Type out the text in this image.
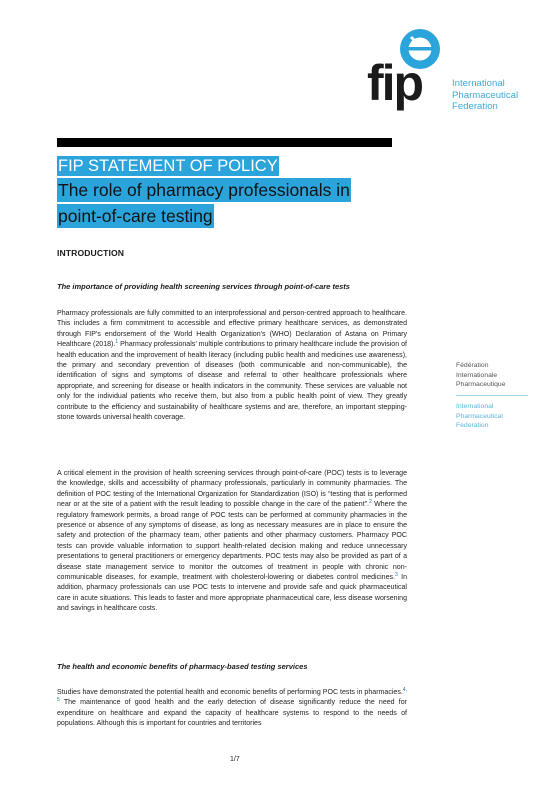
fip	International
Pharmaceutical
Federation
FIP STATEMENT OF POLICY
The role of pharmacy professionals in
point-of-care testing
INTRODUCTION
The importance of providing health screening services through point-of-care tests
Pharmacy professionals are fully committed to an interprofessional and person-centred approach to healthcare. This includes a firm commitment to accessible and effective primary healthcare services, as demonstrated through FIP’s endorsement of the World Health Organization’s (WHO) Declaration of Astana on Primary Healthcare (2018).$^1$ Pharmacy professionals’ multiple contributions to primary healthcare include the provision of health education and the improvement of health literacy (including public health and medicines use awareness), the primary and secondary prevention of diseases (both communicable and non-communicable), the identification of signs and symptoms of disease and referral to other healthcare professionals where appropriate, and screening for disease or health indicators in the community. These services are valuable not only for the individual patients who receive them, but also from a public health point of view. They greatly contribute to the efficiency and sustainability of healthcare systems and are, therefore, an important stepping-stone towards universal health coverage.
A critical element in the provision of health screening services through point-of-care (POC) tests is to leverage the knowledge, skills and accessibility of pharmacy professionals, particularly in community pharmacies. The definition of POC testing of the International Organization for Standardization (ISO) is “testing that is performed near or at the site of a patient with the result leading to possible change in the care of the patient”.$^2$ Where the regulatory framework permits, a broad range of POC tests can be performed at community pharmacies in the presence or absence of any symptoms of disease, as long as necessary measures are in place to ensure the safety and protection of the pharmacy team, other patients and other pharmacy customers. Pharmacy POC tests can provide valuable information to support health-related decision making and reduce unnecessary presentations to general practitioners or emergency departments. POC tests may also be provided as part of a disease state management service to monitor the outcomes of treatment in people with chronic non-communicable diseases, for example, treatment with cholesterol-lowering or diabetes control medicines.$^3$ In addition, pharmacy professionals can use POC tests to intervene and provide safe and quick pharmaceutical care in acute situations. This leads to faster and more appropriate pharmaceutical care, less disease worsening and savings in healthcare costs.
The health and economic benefits of pharmacy-based testing services
Studies have demonstrated the potential health and economic benefits of performing POC tests in pharmacies.$^{4, 5}$ The maintenance of good health and the early detection of disease significantly reduce the need for expenditure on healthcare and expand the capacity of healthcare systems to respond to the needs of populations. Although this is important for countries and territories
Fédération
Internationale
Pharmaceutique
International
Pharmaceutical
Federation
1/7
